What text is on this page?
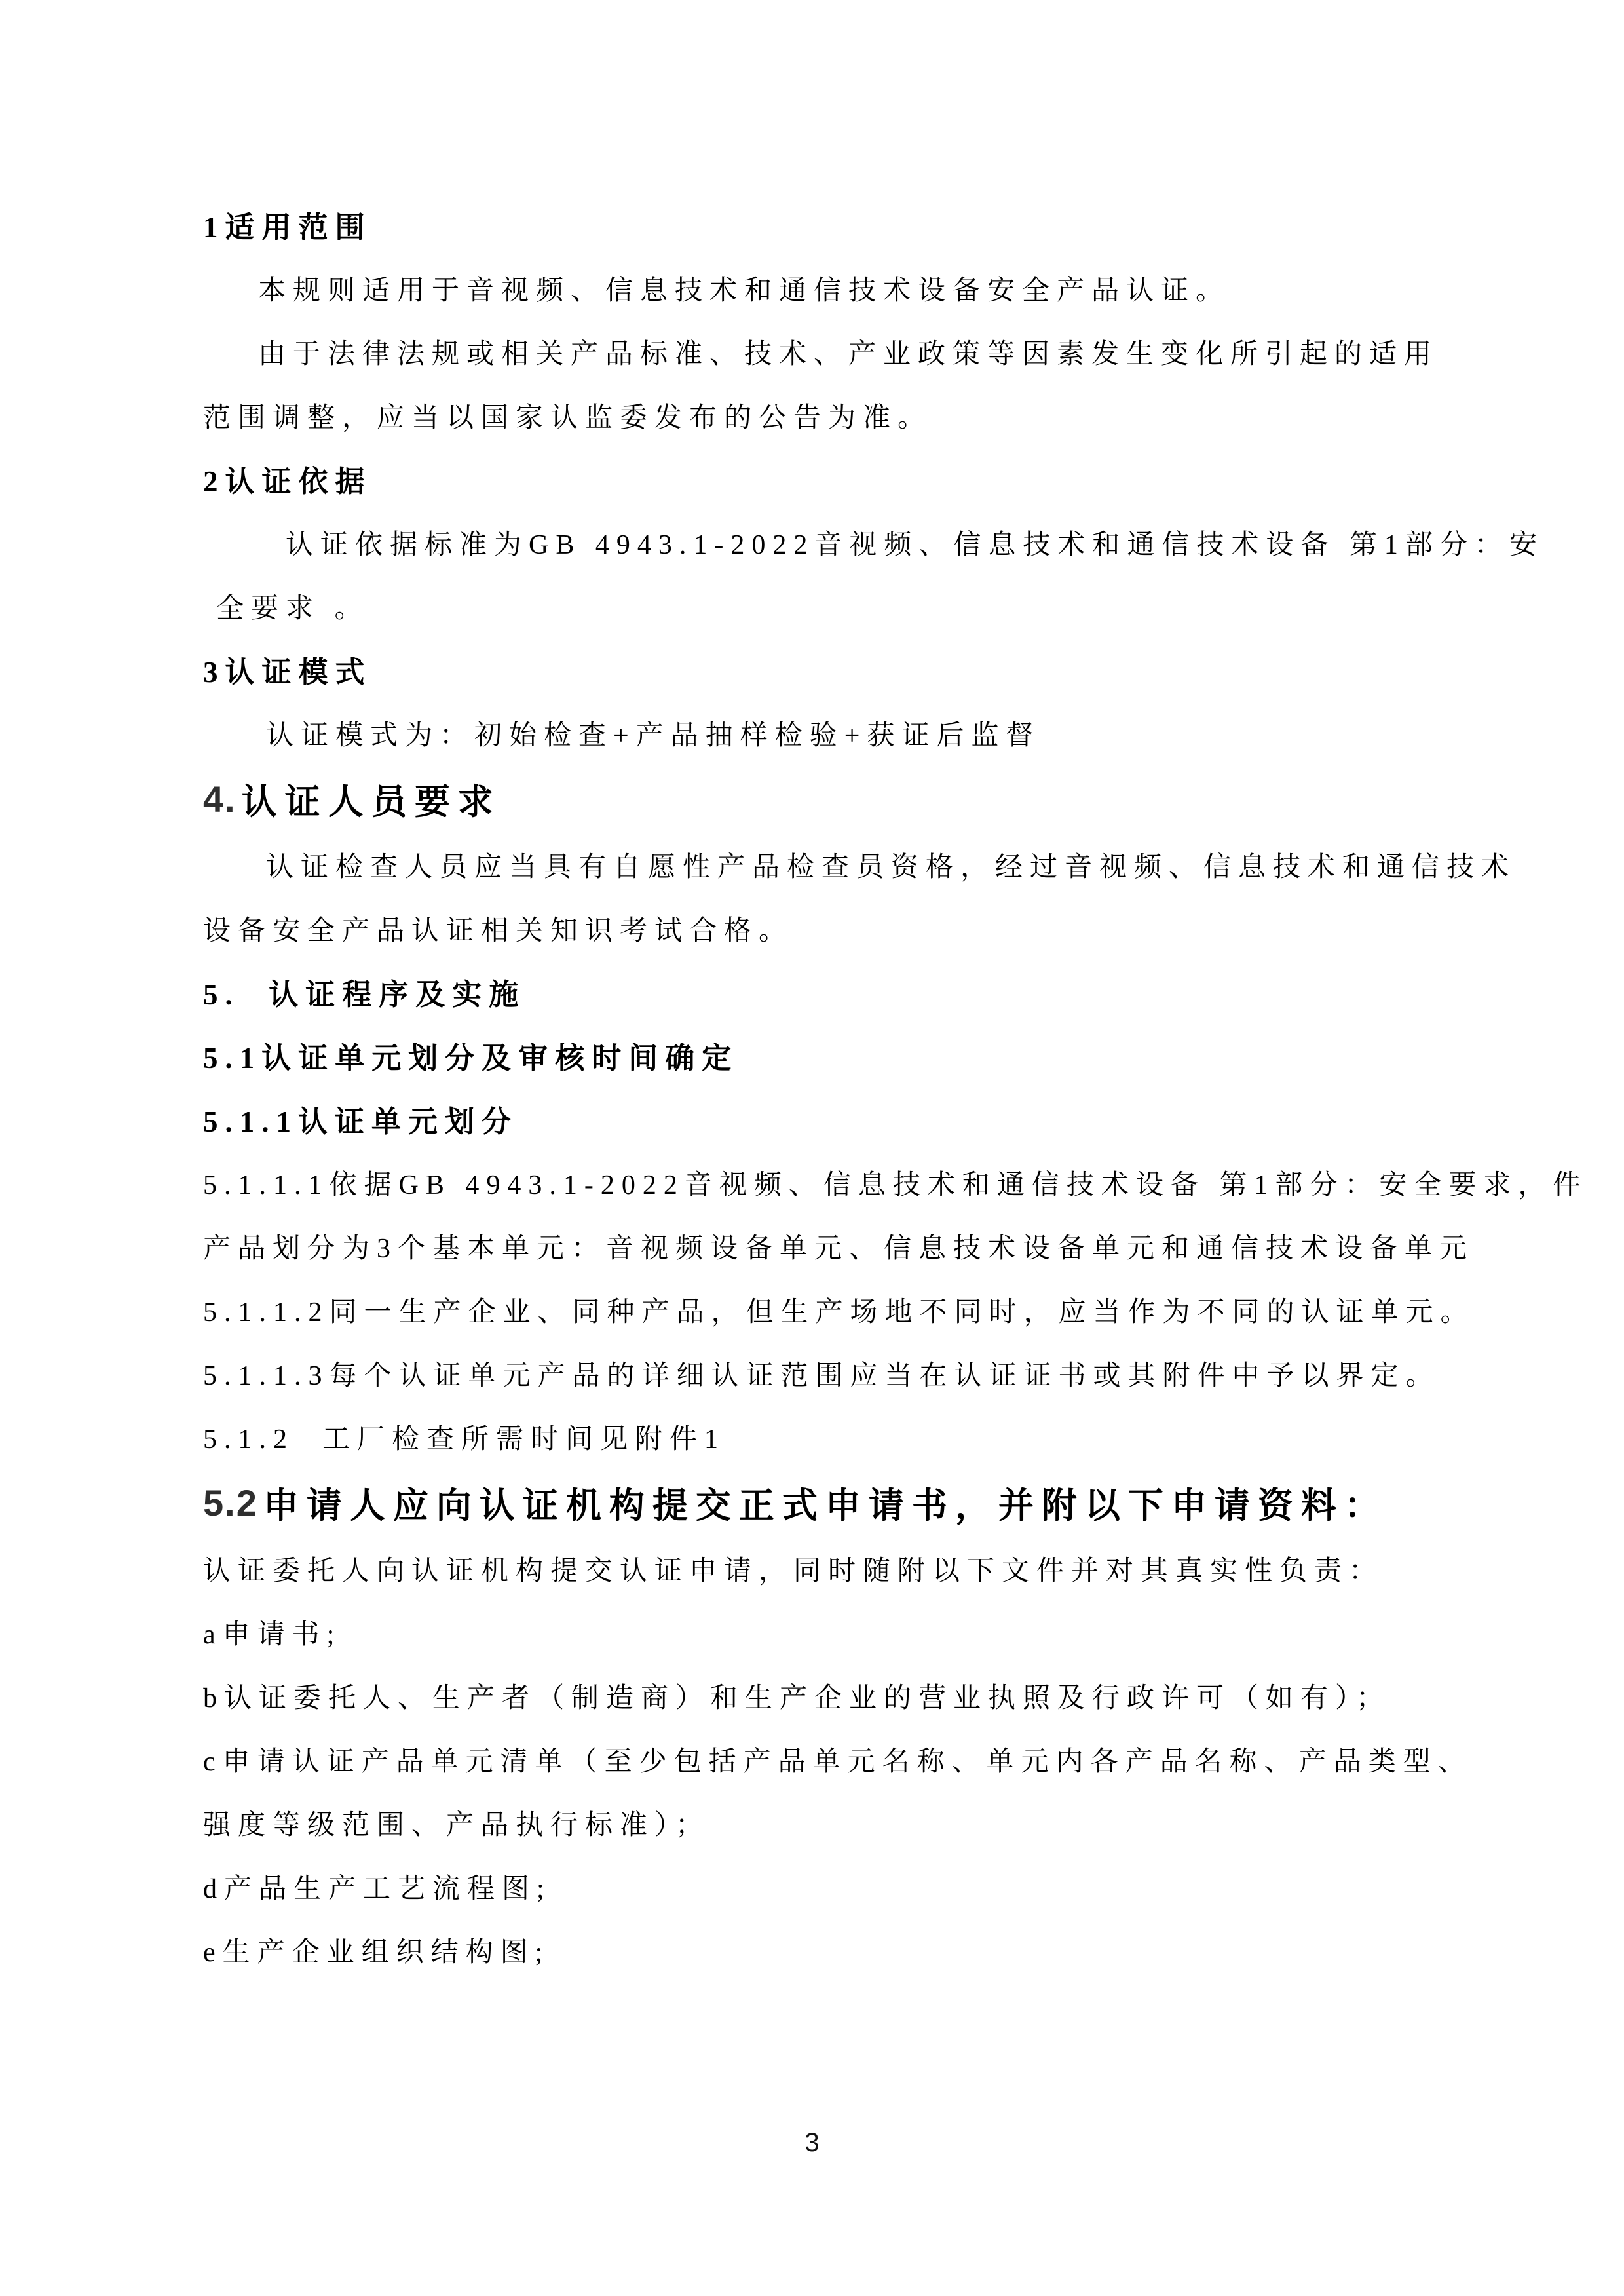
1适用范围
本规则适用于音视频、信息技术和通信技术设备安全产品认证。
由于法律法规或相关产品标准、技术、产业政策等因素发生变化所引起的适用
范围调整，应当以国家认监委发布的公告为准。
2认证依据
认证依据标准为GB 4943.1-2022音视频、信息技术和通信技术设备 第1部分：安
全要求 。
3认证模式
认证模式为：初始检查+产品抽样检验+获证后监督
4. 认证人员要求
认证检查人员应当具有自愿性产品检查员资格，经过音视频、信息技术和通信技术
设备安全产品认证相关知识考试合格。
5.  认证程序及实施
5.1认证单元划分及审核时间确定
5.1.1认证单元划分
5.1.1.1依据GB 4943.1-2022音视频、信息技术和通信技术设备 第1部分：安全要求，件
产品划分为3个基本单元：音视频设备单元、信息技术设备单元和通信技术设备单元
5.1.1.2同一生产企业、同种产品，但生产场地不同时，应当作为不同的认证单元。
5.1.1.3每个认证单元产品的详细认证范围应当在认证证书或其附件中予以界定。
5.1.2  工厂检查所需时间见附件1
5.2 申请人应向认证机构提交正式申请书，并附以下申请资料：
认证委托人向认证机构提交认证申请，同时随附以下文件并对其真实性负责：
a申请书;
b认证委托人、生产者（制造商）和生产企业的营业执照及行政许可（如有）；
c申请认证产品单元清单（至少包括产品单元名称、单元内各产品名称、产品类型、
强度等级范围、产品执行标准）；
d产品生产工艺流程图;
e生产企业组织结构图;
3
